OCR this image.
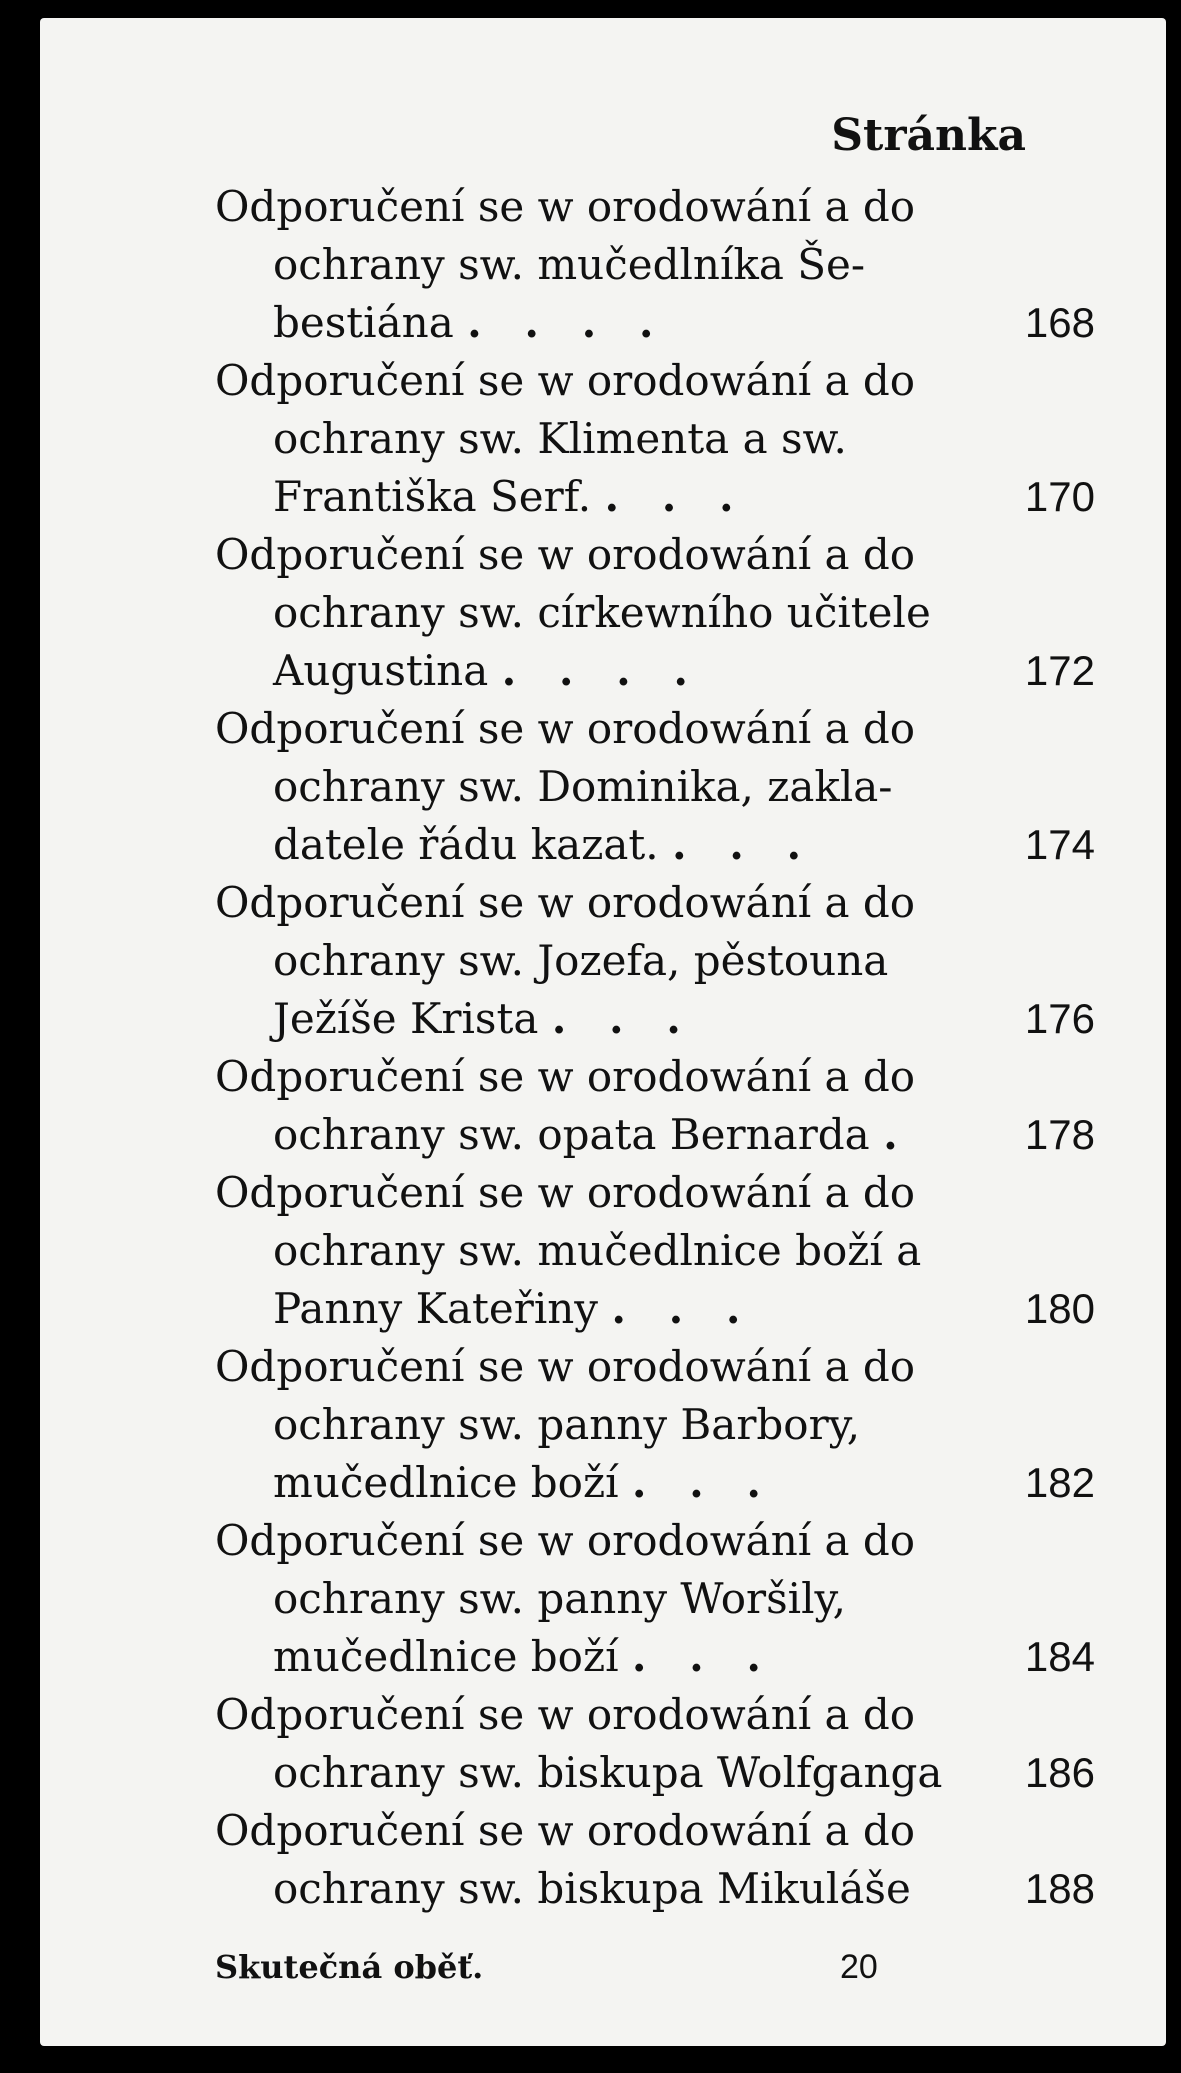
Stránka
Odporučení se w orodowání a do
ochrany sw. mučedlníka Še-
bestiána . . . .	168
Odporučení se w orodowání a do
ochrany sw. Klimenta a sw.
Františka Serf. . . .	170
Odporučení se w orodowání a do
ochrany sw. církewního učitele
Augustina . . . .	172
Odporučení se w orodowání a do
ochrany sw. Dominika, zakla-
datele řádu kazat. . . .	174
Odporučení se w orodowání a do
ochrany sw. Jozefa, pěstouna
Ježíše Krista . . .	176
Odporučení se w orodowání a do
ochrany sw. opata Bernarda .	178
Odporučení se w orodowání a do
ochrany sw. mučedlnice boží a
Panny Kateřiny . . .	180
Odporučení se w orodowání a do
ochrany sw. panny Barbory,
mučedlnice boží . . .	182
Odporučení se w orodowání a do
ochrany sw. panny Woršily,
mučedlnice boží . . .	184
Odporučení se w orodowání a do
ochrany sw. biskupa Wolfganga	186
Odporučení se w orodowání a do
ochrany sw. biskupa Mikuláše	188
Skutečná oběť.	20
